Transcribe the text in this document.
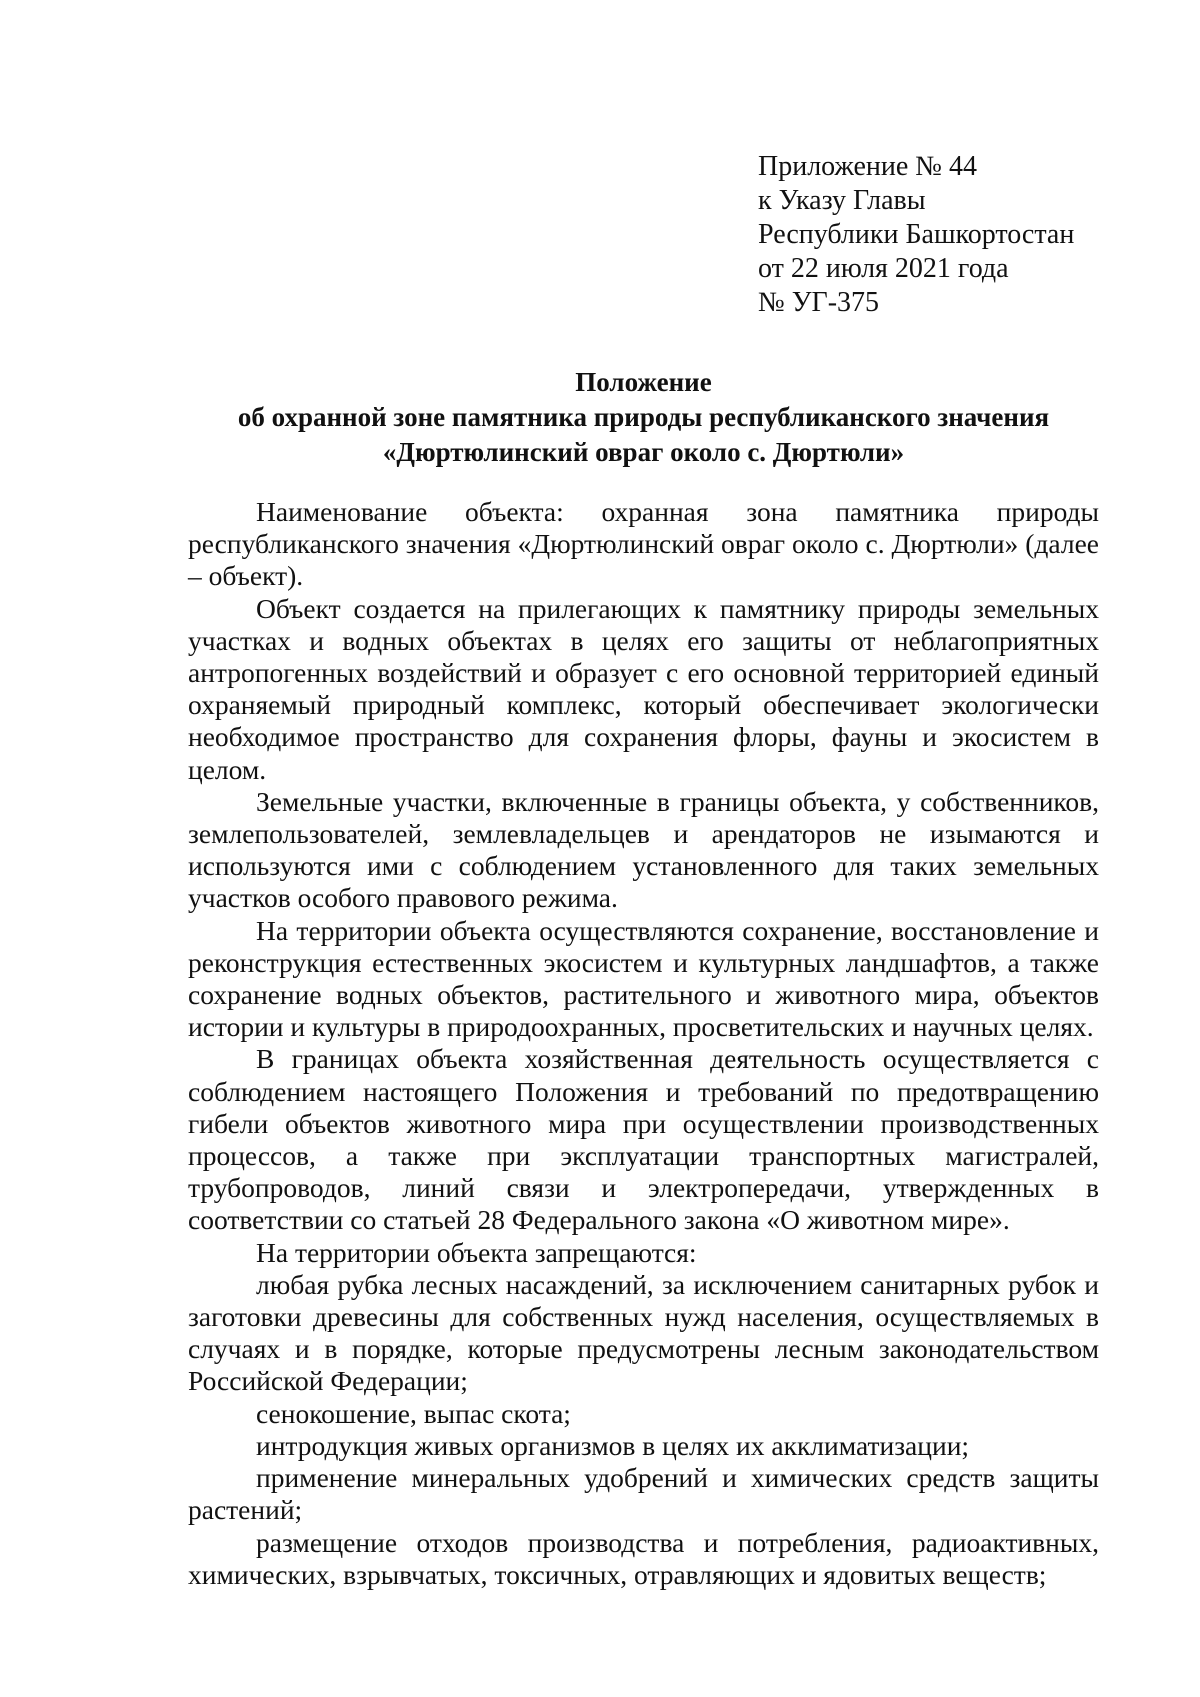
Приложение № 44
к Указу Главы
Республики Башкортостан
от 22 июля 2021 года
№ УГ-375
Положение
об охранной зоне памятника природы республиканского значения
«Дюртюлинский овраг около с. Дюртюли»

Наименование объекта: охранная зона памятника природы республиканского значения «Дюртюлинский овраг около с. Дюртюли» (далее – объект).

Объект создается на прилегающих к памятнику природы земельных участках и водных объектах в целях его защиты от неблагоприятных антропогенных воздействий и образует с его основной территорией единый охраняемый природный комплекс, который обеспечивает экологически необходимое пространство для сохранения флоры, фауны и экосистем в целом.

Земельные участки, включенные в границы объекта, у собственников, землепользователей, землевладельцев и арендаторов не изымаются и используются ими с соблюдением установленного для таких земельных участков особого правового режима.

На территории объекта осуществляются сохранение, восстановление и реконструкция естественных экосистем и культурных ландшафтов, а также сохранение водных объектов, растительного и животного мира, объектов истории и культуры в природоохранных, просветительских и научных целях.

В границах объекта хозяйственная деятельность осуществляется с соблюдением настоящего Положения и требований по предотвращению гибели объектов животного мира при осуществлении производственных процессов, а также при эксплуатации транспортных магистралей, трубопроводов, линий связи и электропередачи, утвержденных в соответствии со статьей 28 Федерального закона «О животном мире».

На территории объекта запрещаются:

любая рубка лесных насаждений, за исключением санитарных рубок и заготовки древесины для собственных нужд населения, осуществляемых в случаях и в порядке, которые предусмотрены лесным законодательством Российской Федерации;

сенокошение, выпас скота;

интродукция живых организмов в целях их акклиматизации;

применение минеральных удобрений и химических средств защиты растений;

размещение отходов производства и потребления, радиоактивных, химических, взрывчатых, токсичных, отравляющих и ядовитых веществ;
